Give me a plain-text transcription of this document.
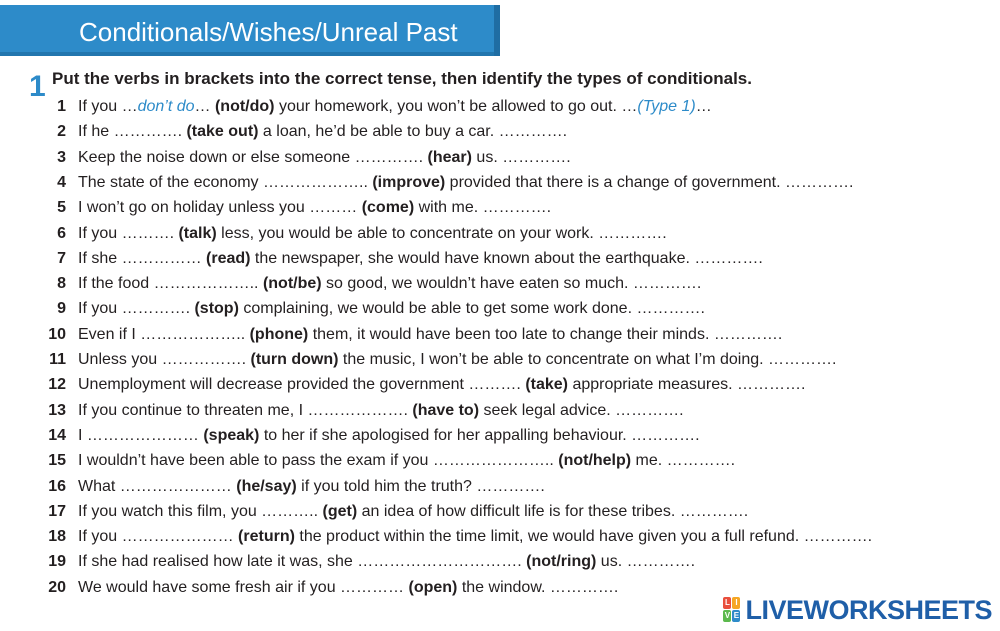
Conditionals/Wishes/Unreal Past
1 Put the verbs in brackets into the correct tense, then identify the types of conditionals.
1 If you …don’t do… (not/do) your homework, you won’t be allowed to go out. …(Type 1)…
2 If he …………. (take out) a loan, he’d be able to buy a car. ………….
3 Keep the noise down or else someone …………. (hear) us. ………….
4 The state of the economy ……………….. (improve) provided that there is a change of government. ………….
5 I won’t go on holiday unless you ……… (come) with me. ………….
6 If you ………. (talk) less, you would be able to concentrate on your work. ………….
7 If she …………… (read) the newspaper, she would have known about the earthquake. ………….
8 If the food ……………….. (not/be) so good, we wouldn’t have eaten so much. ………….
9 If you …………. (stop) complaining, we would be able to get some work done. ………….
10 Even if I ……………….. (phone) them, it would have been too late to change their minds. ………….
11 Unless you ……………. (turn down) the music, I won’t be able to concentrate on what I’m doing. ………….
12 Unemployment will decrease provided the government ………. (take) appropriate measures. ………….
13 If you continue to threaten me, I ………………. (have to) seek legal advice. ………….
14 I ………………… (speak) to her if she apologised for her appalling behaviour. ………….
15 I wouldn’t have been able to pass the exam if you ………………….. (not/help) me. ………….
16 What ………………… (he/say) if you told him the truth? ………….
17 If you watch this film, you ……….. (get) an idea of how difficult life is for these tribes. ………….
18 If you ………………… (return) the product within the time limit, we would have given you a full refund. ………….
19 If she had realised how late it was, she …………………………. (not/ring) us. ………….
20 We would have some fresh air if you ………… (open) the window. ………….
L I
V E LIVEWORKSHEETS
